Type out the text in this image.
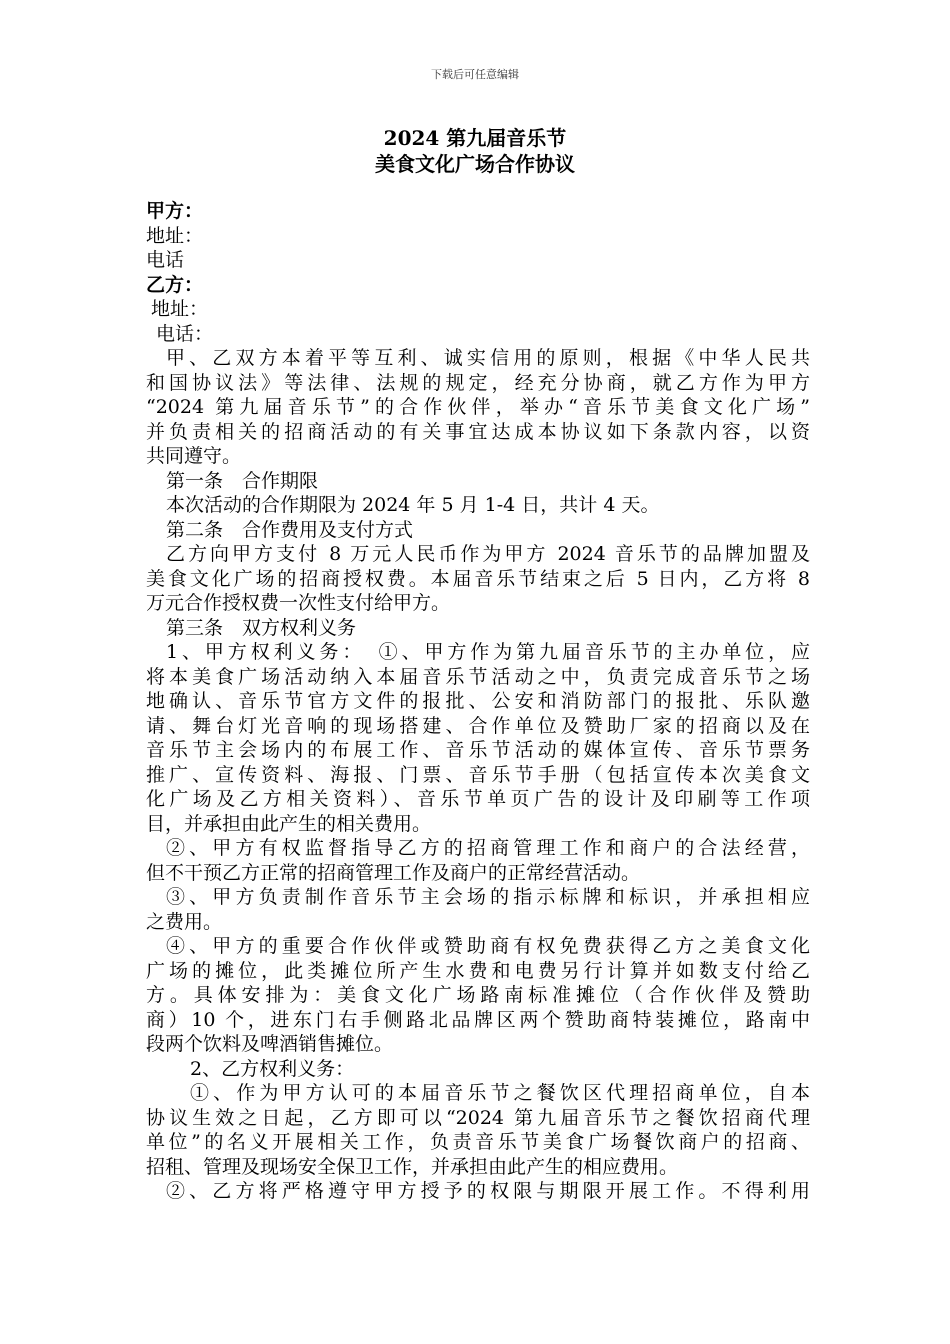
下载后可任意编辑
2024 第九届音乐节
美食文化广场合作协议
甲方：
地址：
电话
乙方：
地址：
电话：
甲、乙双方本着平等互利、诚实信用的原则，根据《中华人民共
和国协议法》等法律、法规的规定，经充分协商，就乙方作为甲方
“2024 第九届音乐节”的合作伙伴，举办“音乐节美食文化广场”
并负责相关的招商活动的有关事宜达成本协议如下条款内容，以资
共同遵守。
第一条　合作期限
本次活动的合作期限为 2024 年 5 月 1-4 日，共计 4 天。
第二条　合作费用及支付方式
乙方向甲方支付 8 万元人民币作为甲方 2024 音乐节的品牌加盟及
美食文化广场的招商授权费。本届音乐节结束之后 5 日内，乙方将 8
万元合作授权费一次性支付给甲方。
第三条　双方权利义务
1、甲方权利义务：　①、甲方作为第九届音乐节的主办单位，应
将本美食广场活动纳入本届音乐节活动之中，负责完成音乐节之场
地确认、音乐节官方文件的报批、公安和消防部门的报批、乐队邀
请、舞台灯光音响的现场搭建、合作单位及赞助厂家的招商以及在
音乐节主会场内的布展工作、音乐节活动的媒体宣传、音乐节票务
推广、宣传资料、海报、门票、音乐节手册（包括宣传本次美食文
化广场及乙方相关资料）、音乐节单页广告的设计及印刷等工作项
目，并承担由此产生的相关费用。
②、甲方有权监督指导乙方的招商管理工作和商户的合法经营，
但不干预乙方正常的招商管理工作及商户的正常经营活动。
③、甲方负责制作音乐节主会场的指示标牌和标识，并承担相应
之费用。
④、甲方的重要合作伙伴或赞助商有权免费获得乙方之美食文化
广场的摊位，此类摊位所产生水费和电费另行计算并如数支付给乙
方。具体安排为：美食文化广场路南标准摊位（合作伙伴及赞助
商）10 个，进东门右手侧路北品牌区两个赞助商特装摊位，路南中
段两个饮料及啤酒销售摊位。
2、乙方权利义务：
①、作为甲方认可的本届音乐节之餐饮区代理招商单位，自本
协议生效之日起，乙方即可以“2024 第九届音乐节之餐饮招商代理
单位”的名义开展相关工作，负责音乐节美食广场餐饮商户的招商、
招租、管理及现场安全保卫工作，并承担由此产生的相应费用。
②、乙方将严格遵守甲方授予的权限与期限开展工作。不得利用
